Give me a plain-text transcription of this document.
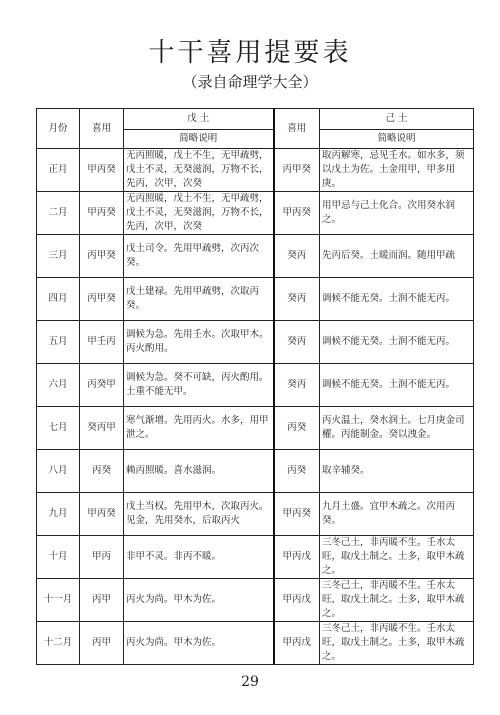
十干喜用提要表
（录自命理学大全）
月份	喜用	戊 土	喜用	己 土
		简略说明		简略说明
正月	甲丙癸	无丙照暖，戊土不生，无甲疏劈，戊土不灵，无癸滋润，万物不长，先丙，次甲，次癸	丙甲癸	取丙解寒，忌见壬水。如水多，须以戊土为佐。土金用甲，甲多用庚。
二月	甲丙癸	无丙照暖，戊土不生，无甲疏劈，戊土不灵，无癸滋润，万物不长，先丙，次甲，次癸	甲丙癸	用甲忌与己土化合。次用癸水润之。
三月	丙甲癸	戊土司令。先用甲疏劈，次丙次癸。	癸丙	先丙后癸。土暖而润。随用甲疏
四月	丙甲癸	戊土建禄。先用甲疏劈，次取丙癸。	癸丙	调候不能无癸。土润不能无丙。
五月	甲壬丙	调候为急。先用壬水。次取甲木。丙火酌用。	癸丙	调候不能无癸。土润不能无丙。
六月	丙癸甲	调候为急。癸不可缺，丙火酌用。土重不能无甲。	癸丙	调候不能无癸。土润不能无丙。
七月	癸丙甲	寒气渐增。先用丙火。水多，用甲泄之。	丙癸	丙火温土，癸水润土。七月庚金司權。丙能制金。癸以洩金。
八月	丙癸	赖丙照暖。喜水滋润。	丙癸	取辛辅癸。
九月	甲丙癸	戊土当权。先用甲木，次取丙火。见金，先用癸水，后取丙火	甲丙癸	九月土盛。宜甲木疏之。次用丙癸。
十月	甲丙	非甲不灵。非丙不暖。	甲丙戊	三冬己土，非丙暖不生。壬水太旺，取戊土制之。土多，取甲木疏之。
十一月	丙甲	丙火为尚。甲木为佐。	甲丙戊	三冬己土，非丙暖不生。壬水太旺，取戊土制之。土多，取甲木疏之。
十二月	丙甲	丙火为尚。甲木为佐。	甲丙戊	三冬己土，非丙暖不生。壬水太旺，取戊土制之。土多，取甲木疏之。
29
